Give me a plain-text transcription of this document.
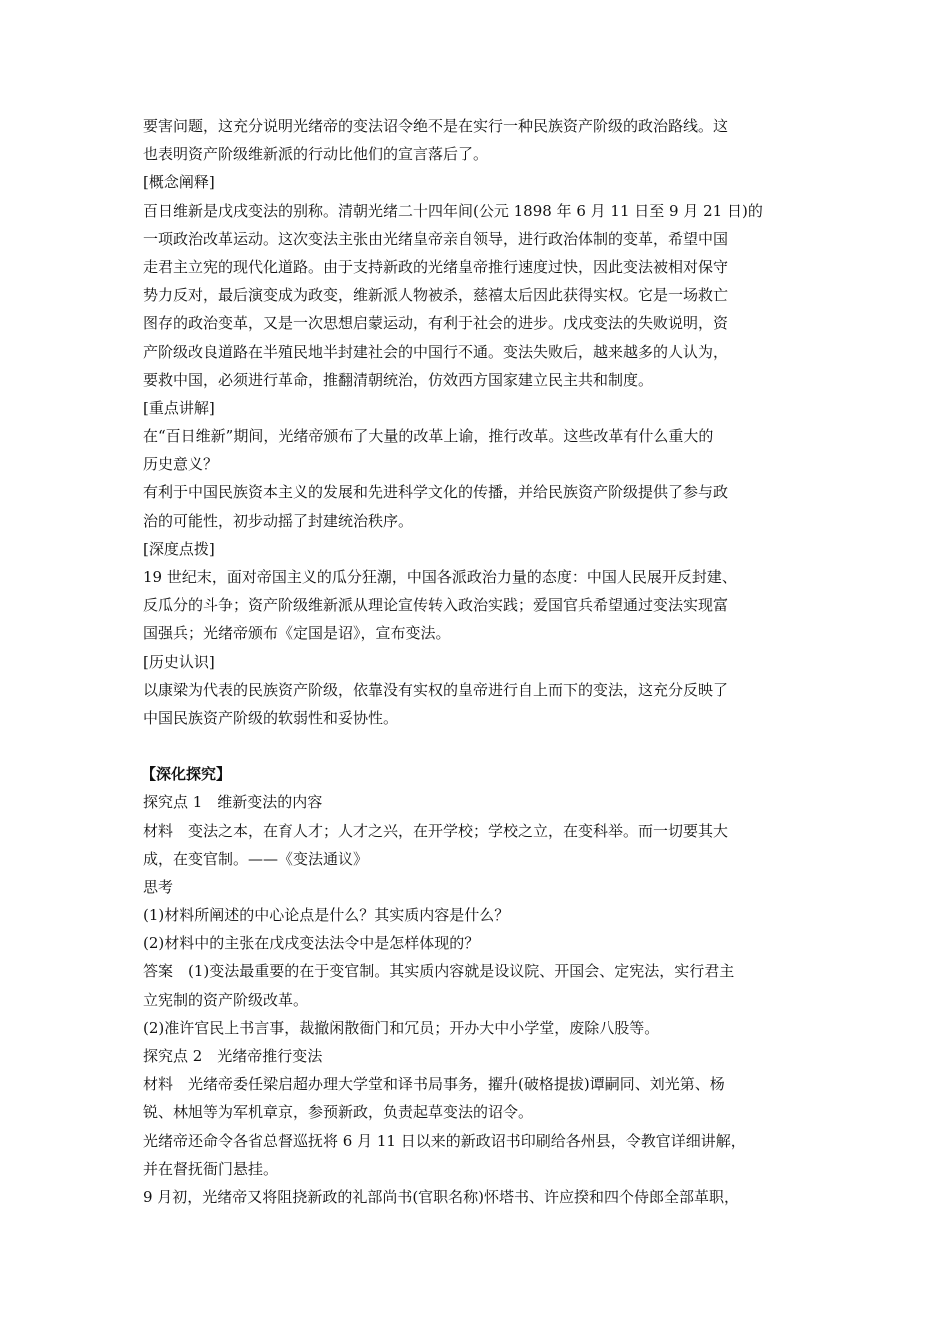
要害问题，这充分说明光绪帝的变法诏令绝不是在实行一种民族资产阶级的政治路线。这
也表明资产阶级维新派的行动比他们的宣言落后了。
[概念阐释]
百日维新是戊戌变法的别称。清朝光绪二十四年间(公元 1898 年 6 月 11 日至 9 月 21 日)的
一项政治改革运动。这次变法主张由光绪皇帝亲自领导，进行政治体制的变革，希望中国
走君主立宪的现代化道路。由于支持新政的光绪皇帝推行速度过快，因此变法被相对保守
势力反对，最后演变成为政变，维新派人物被杀，慈禧太后因此获得实权。它是一场救亡
图存的政治变革，又是一次思想启蒙运动，有利于社会的进步。戊戌变法的失败说明，资
产阶级改良道路在半殖民地半封建社会的中国行不通。变法失败后，越来越多的人认为，
要救中国，必须进行革命，推翻清朝统治，仿效西方国家建立民主共和制度。
[重点讲解]
在“百日维新”期间，光绪帝颁布了大量的改革上谕，推行改革。这些改革有什么重大的
历史意义？
有利于中国民族资本主义的发展和先进科学文化的传播，并给民族资产阶级提供了参与政
治的可能性，初步动摇了封建统治秩序。
[深度点拨]
19 世纪末，面对帝国主义的瓜分狂潮，中国各派政治力量的态度：中国人民展开反封建、
反瓜分的斗争；资产阶级维新派从理论宣传转入政治实践；爱国官兵希望通过变法实现富
国强兵；光绪帝颁布《定国是诏》，宣布变法。
[历史认识]
以康梁为代表的民族资产阶级，依靠没有实权的皇帝进行自上而下的变法，这充分反映了
中国民族资产阶级的软弱性和妥协性。
【深化探究】
探究点 1　维新变法的内容
材料　变法之本，在育人才；人才之兴，在开学校；学校之立，在变科举。而一切要其大
成，在变官制。——《变法通议》
思考
(1)材料所阐述的中心论点是什么？其实质内容是什么？
(2)材料中的主张在戊戌变法法令中是怎样体现的？
答案　(1)变法最重要的在于变官制。其实质内容就是设议院、开国会、定宪法，实行君主
立宪制的资产阶级改革。
(2)准许官民上书言事，裁撤闲散衙门和冗员；开办大中小学堂，废除八股等。
探究点 2　光绪帝推行变法
材料　光绪帝委任梁启超办理大学堂和译书局事务，擢升(破格提拔)谭嗣同、刘光第、杨
锐、林旭等为军机章京，参预新政，负责起草变法的诏令。
光绪帝还命令各省总督巡抚将 6 月 11 日以来的新政诏书印刷给各州县，令教官详细讲解，
并在督抚衙门悬挂。
9 月初，光绪帝又将阻挠新政的礼部尚书(官职名称)怀塔书、许应揆和四个侍郎全部革职，
